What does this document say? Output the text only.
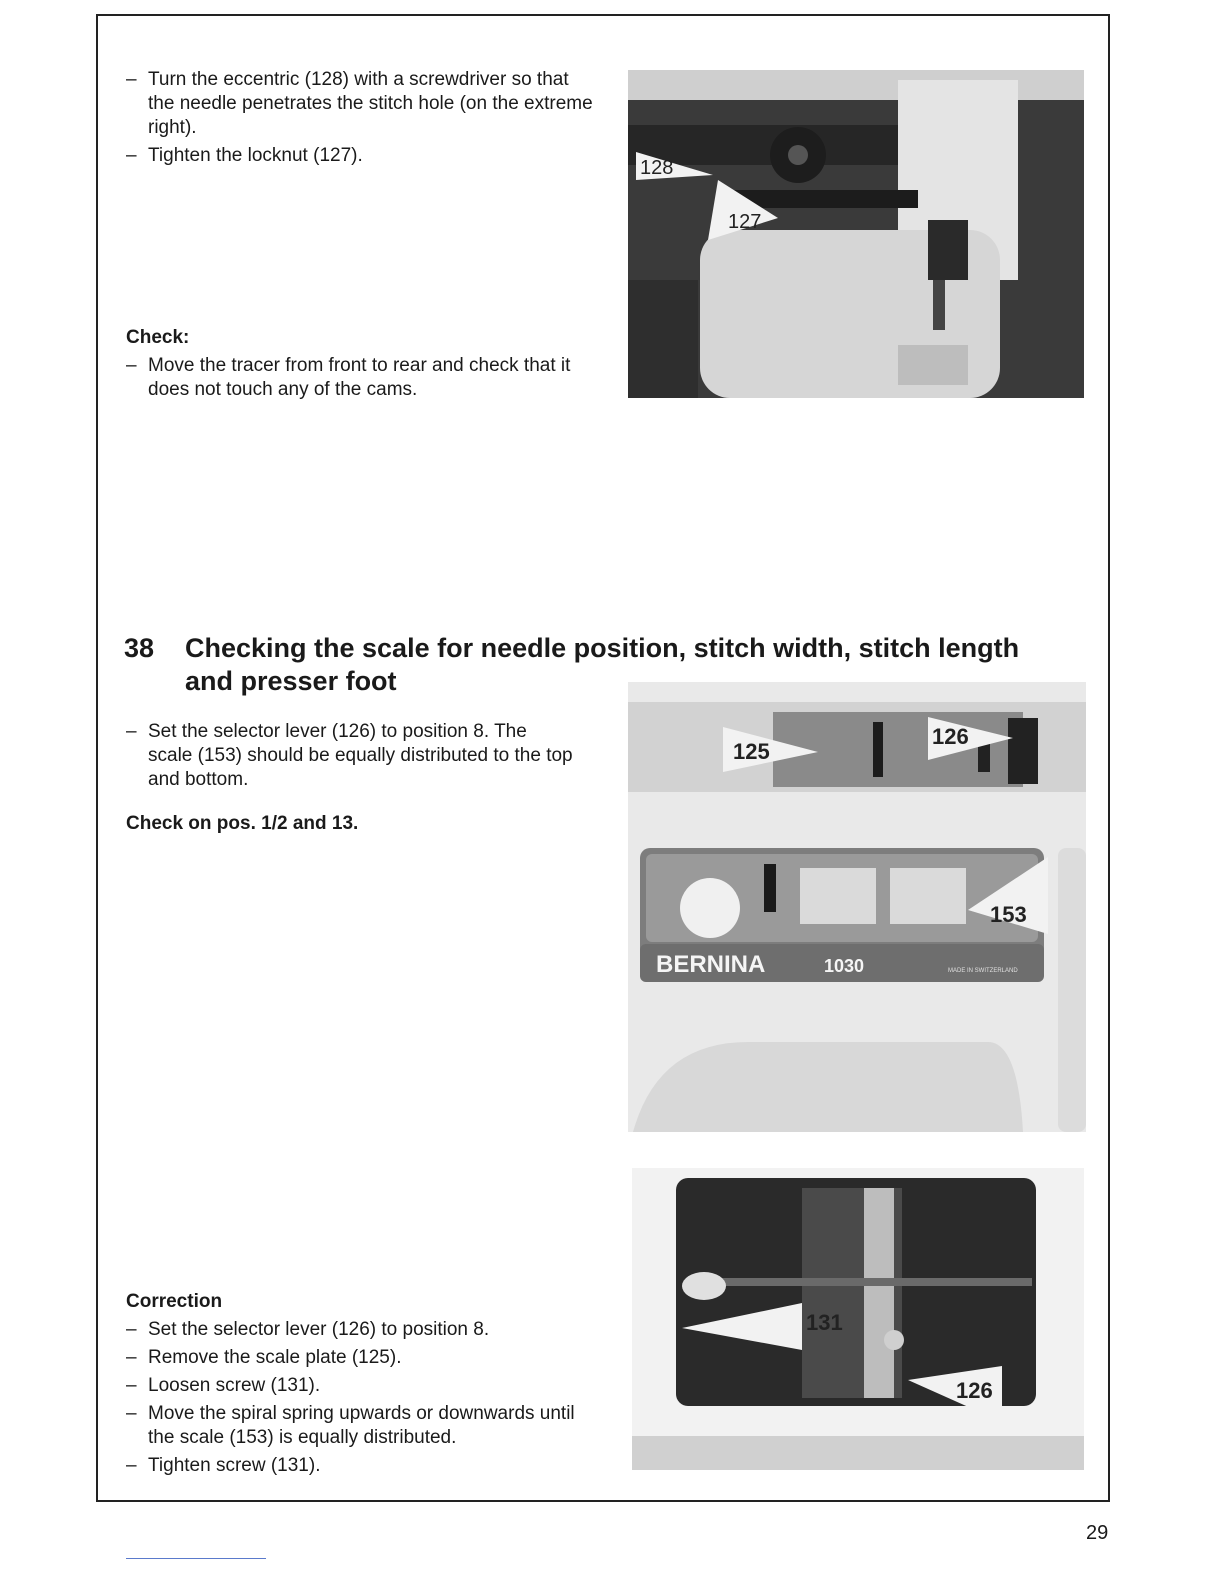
– Turn the eccentric (128) with a screwdriver so that the needle penetrates the stitch hole (on the extreme right).

– Tighten the locknut (127).

Check:

– Move the tracer from front to rear and check that it does not touch any of the cams.

128
127
38 Checking the scale for needle position, stitch width, stitch length
and presser foot

– Set the selector lever (126) to position 8. The scale (153) should be equally distributed to the top and bottom.

Check on pos. 1/2 and 13.

125
126
153
BERNINA	1030	MADE IN SWITZERLAND

Correction

– Set the selector lever (126) to position 8.

– Remove the scale plate (125).

– Loosen screw (131).

– Move the spiral spring upwards or downwards until the scale (153) is equally distributed.

– Tighten screw (131).

131
126
29
